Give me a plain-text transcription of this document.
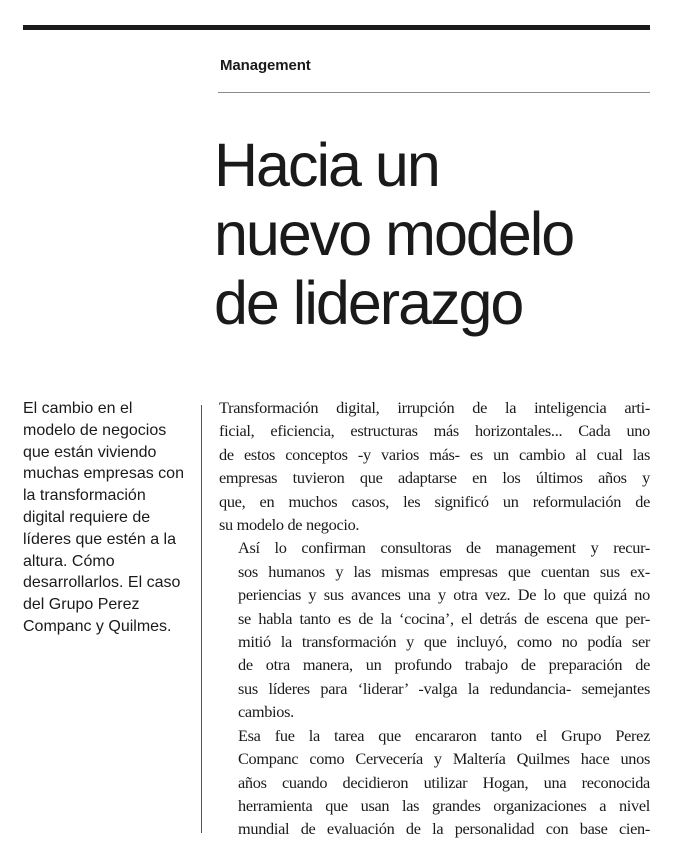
Management
Hacia un
nuevo modelo
de liderazgo

El cambio en el modelo de negocios que están viviendo muchas empresas con la transformación digital requiere de líderes que estén a la altura. Cómo desarrollarlos. El caso del Grupo Perez Companc y Quilmes.

Transformación digital, irrupción de la inteligencia arti-
ficial, eficiencia, estructuras más horizontales... Cada uno
de estos conceptos -y varios más- es un cambio al cual las
empresas tuvieron que adaptarse en los últimos años y
que, en muchos casos, les significó un reformulación de
su modelo de negocio.

Así lo confirman consultoras de management y recur-
sos humanos y las mismas empresas que cuentan sus ex-
periencias y sus avances una y otra vez. De lo que quizá no
se habla tanto es de la ‘cocina’, el detrás de escena que per-
mitió la transformación y que incluyó, como no podía ser
de otra manera, un profundo trabajo de preparación de
sus líderes para ‘liderar’ -valga la redundancia- semejantes
cambios.

Esa fue la tarea que encararon tanto el Grupo Perez
Companc como Cervecería y Maltería Quilmes hace unos
años cuando decidieron utilizar Hogan, una reconocida
herramienta que usan las grandes organizaciones a nivel
mundial de evaluación de la personalidad con base cien-
